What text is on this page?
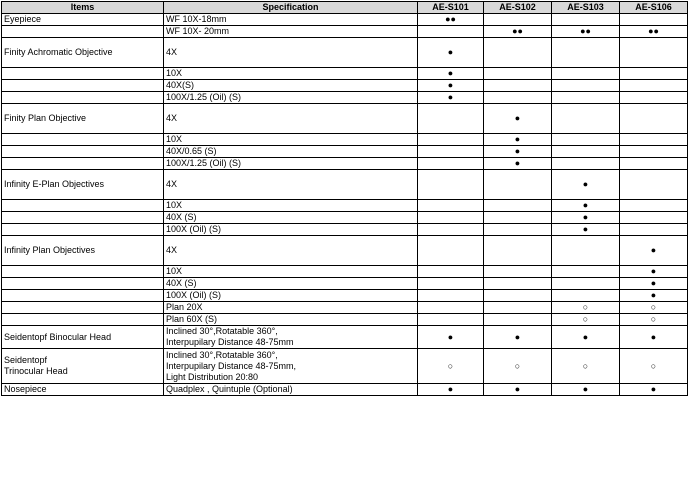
Items	Specification	AE-S101	AE-S102	AE-S103	AE-S106
Eyepiece	WF 10X-18mm	●●			
	WF 10X- 20mm		●●	●●	●●
Finity Achromatic Objective	4X	●			
	10X	●			
	40X(S)	●			
	100X/1.25 (Oil) (S)	●			
Finity Plan Objective	4X		●		
	10X		●		
	40X/0.65 (S)		●		
	100X/1.25 (Oil) (S)		●		
Infinity E-Plan Objectives	4X			●	
	10X			●	
	40X (S)			●	
	100X (Oil) (S)			●	
Infinity Plan Objectives	4X				●
	10X				●
	40X (S)				●
	100X (Oil) (S)				●
	Plan 20X			○	○
	Plan 60X (S)			○	○
Seidentopf Binocular Head	Inclined 30°,Rotatable 360°,
Interpupilary Distance 48-75mm	●	●	●	●
Seidentopf
Trinocular Head	Inclined 30°,Rotatable 360°,
Interpupilary Distance 48-75mm,
Light Distribution 20:80	○	○	○	○
Nosepiece	Quadplex , Quintuple (Optional)	●	●	●	●
